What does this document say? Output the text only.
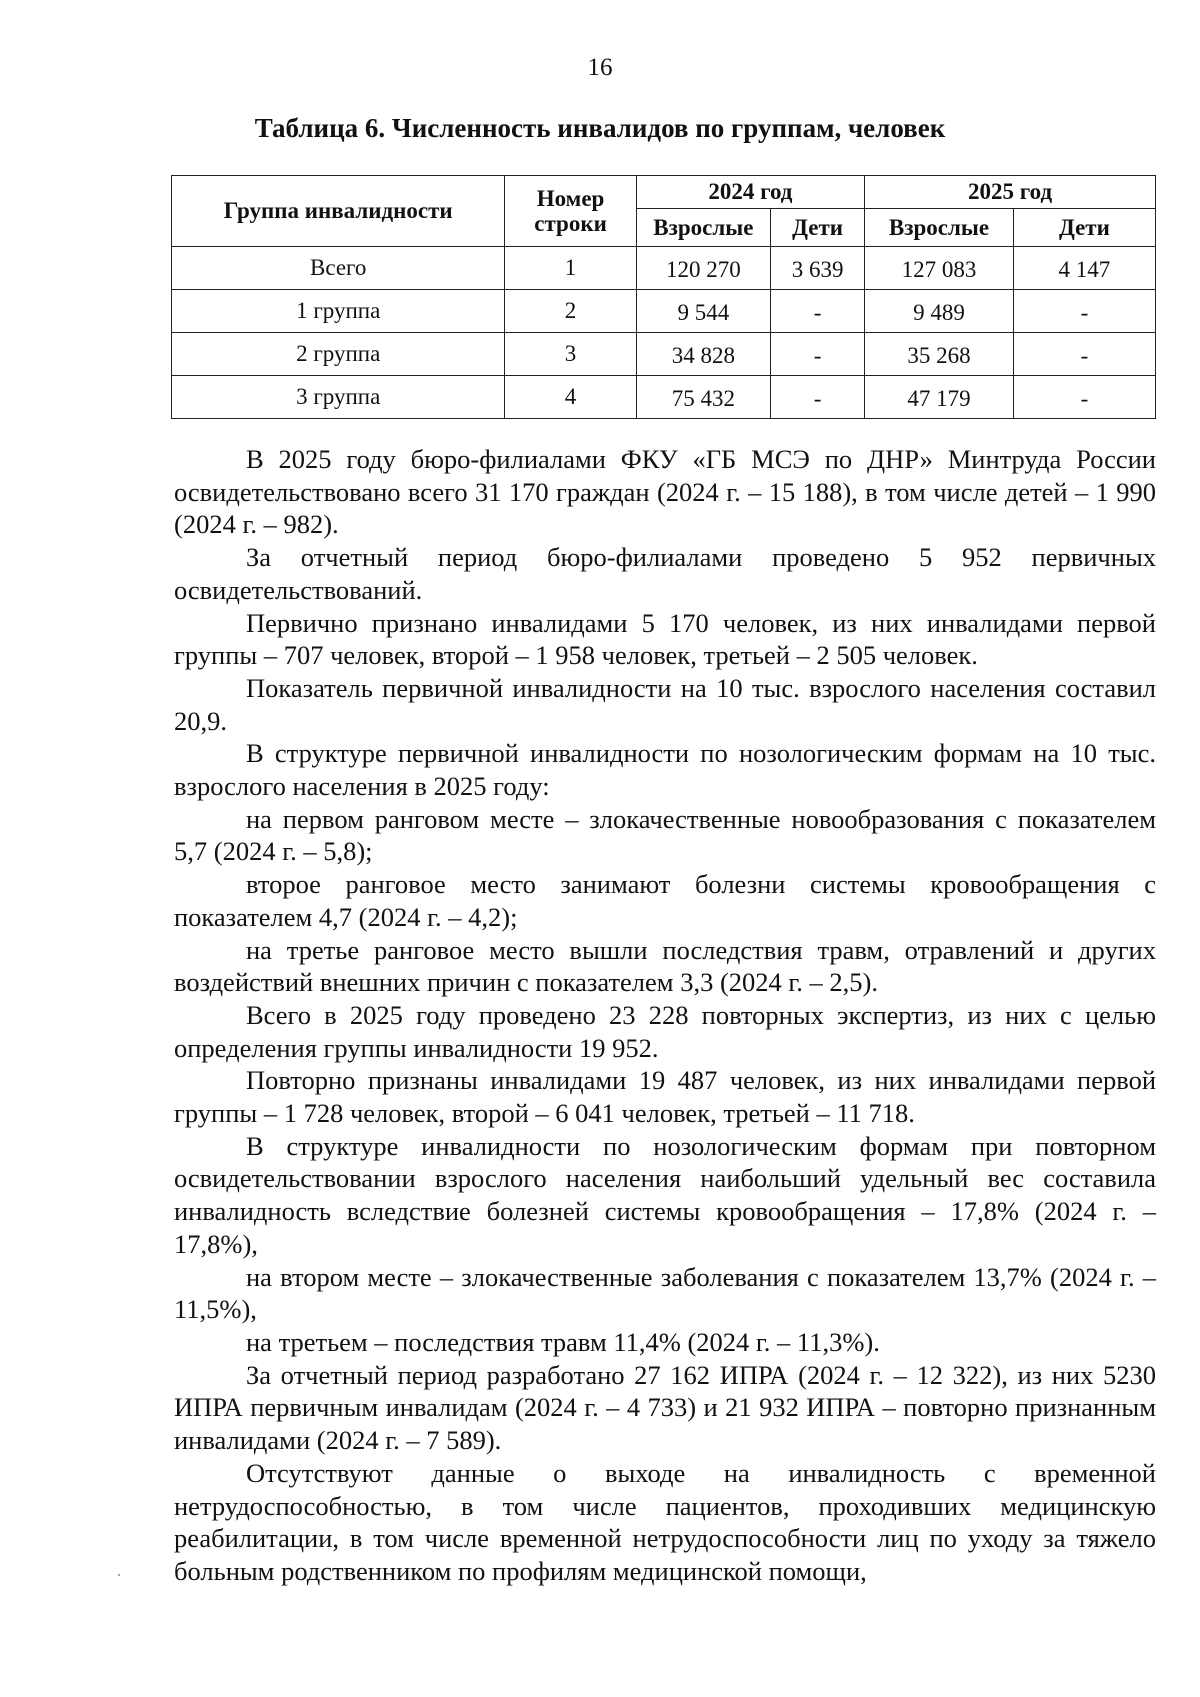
16
Таблица 6. Численность инвалидов по группам, человек
Группа инвалидности	Номер строки	2024 год		2025 год	
		Взрослые	Дети	Взрослые	Дети
Всего	1	120 270	3 639	127 083	4 147
1 группа	2	9 544	-	9 489	-
2 группа	3	34 828	-	35 268	-
3 группа	4	75 432	-	47 179	-

В 2025 году бюро-филиалами ФКУ «ГБ МСЭ по ДНР» Минтруда России освидетельствовано всего 31 170 граждан (2024 г. – 15 188), в том числе детей – 1 990 (2024 г. – 982).

За отчетный период бюро-филиалами проведено 5 952 первичных освидетельствований.

Первично признано инвалидами 5 170 человек, из них инвалидами первой группы – 707 человек, второй – 1 958 человек, третьей – 2 505 человек.

Показатель первичной инвалидности на 10 тыс. взрослого населения составил 20,9.

В структуре первичной инвалидности по нозологическим формам на 10 тыс. взрослого населения в 2025 году:

на первом ранговом месте – злокачественные новообразования с показателем 5,7 (2024 г. – 5,8);

второе ранговое место занимают болезни системы кровообращения с показателем 4,7 (2024 г. – 4,2);

на третье ранговое место вышли последствия травм, отравлений и других воздействий внешних причин с показателем 3,3 (2024 г. – 2,5).

Всего в 2025 году проведено 23 228 повторных экспертиз, из них с целью определения группы инвалидности 19 952.

Повторно признаны инвалидами 19 487 человек, из них инвалидами первой группы – 1 728 человек, второй – 6 041 человек, третьей – 11 718.

В структуре инвалидности по нозологическим формам при повторном освидетельствовании взрослого населения наибольший удельный вес составила инвалидность вследствие болезней системы кровообращения – 17,8% (2024 г. – 17,8%),

на втором месте – злокачественные заболевания с показателем 13,7% (2024 г. – 11,5%),

на третьем – последствия травм 11,4% (2024 г. – 11,3%).

За отчетный период разработано 27 162 ИПРА (2024 г. – 12 322), из них 5230 ИПРА первичным инвалидам (2024 г. – 4 733) и 21 932 ИПРА – повторно признанным инвалидами (2024 г. – 7 589).

Отсутствуют данные о выходе на инвалидность с временной нетрудоспособностью, в том числе пациентов, проходивших медицинскую реабилитации, в том числе временной нетрудоспособности лиц по уходу за тяжело больным родственником по профилям медицинской помощи,
